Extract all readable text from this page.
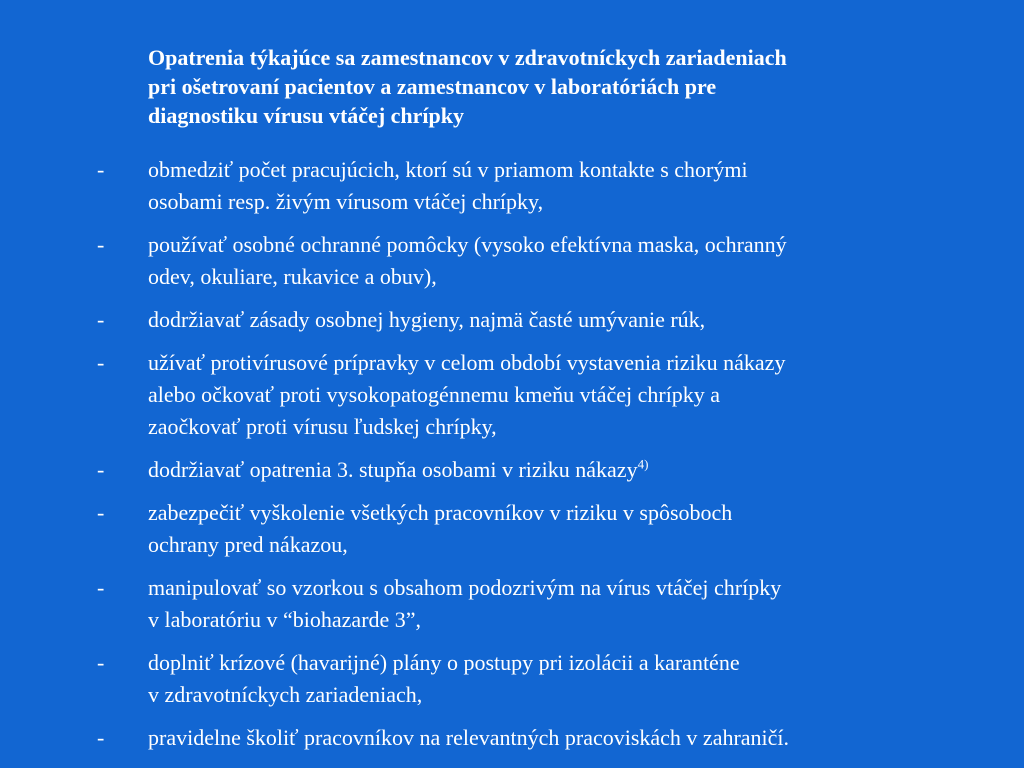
Opatrenia týkajúce sa zamestnancov v zdravotníckych zariadeniach
pri ošetrovaní pacientov a zamestnancov v laboratóriách pre
diagnostiku vírusu vtáčej chrípky
- obmedziť počet pracujúcich, ktorí sú v priamom kontakte s chorými
osobami resp. živým vírusom vtáčej chrípky,
- používať osobné ochranné pomôcky (vysoko efektívna maska, ochranný
odev, okuliare, rukavice a obuv),
- dodržiavať zásady osobnej hygieny, najmä časté umývanie rúk,
- užívať protivírusové prípravky v celom období vystavenia riziku nákazy
alebo očkovať proti vysokopatogénnemu kmeňu vtáčej chrípky a
zaočkovať proti vírusu ľudskej chrípky,
- dodržiavať opatrenia 3. stupňa osobami v riziku nákazy$^{4)}$
- zabezpečiť vyškolenie všetkých pracovníkov v riziku v spôsoboch
ochrany pred nákazou,
- manipulovať so vzorkou s obsahom podozrivým na vírus vtáčej chrípky
v laboratóriu v “biohazarde 3”,
- doplniť krízové (havarijné) plány o postupy pri izolácii a karanténe
v zdravotníckych zariadeniach,
- pravidelne školiť pracovníkov na relevantných pracoviskách v zahraničí.
